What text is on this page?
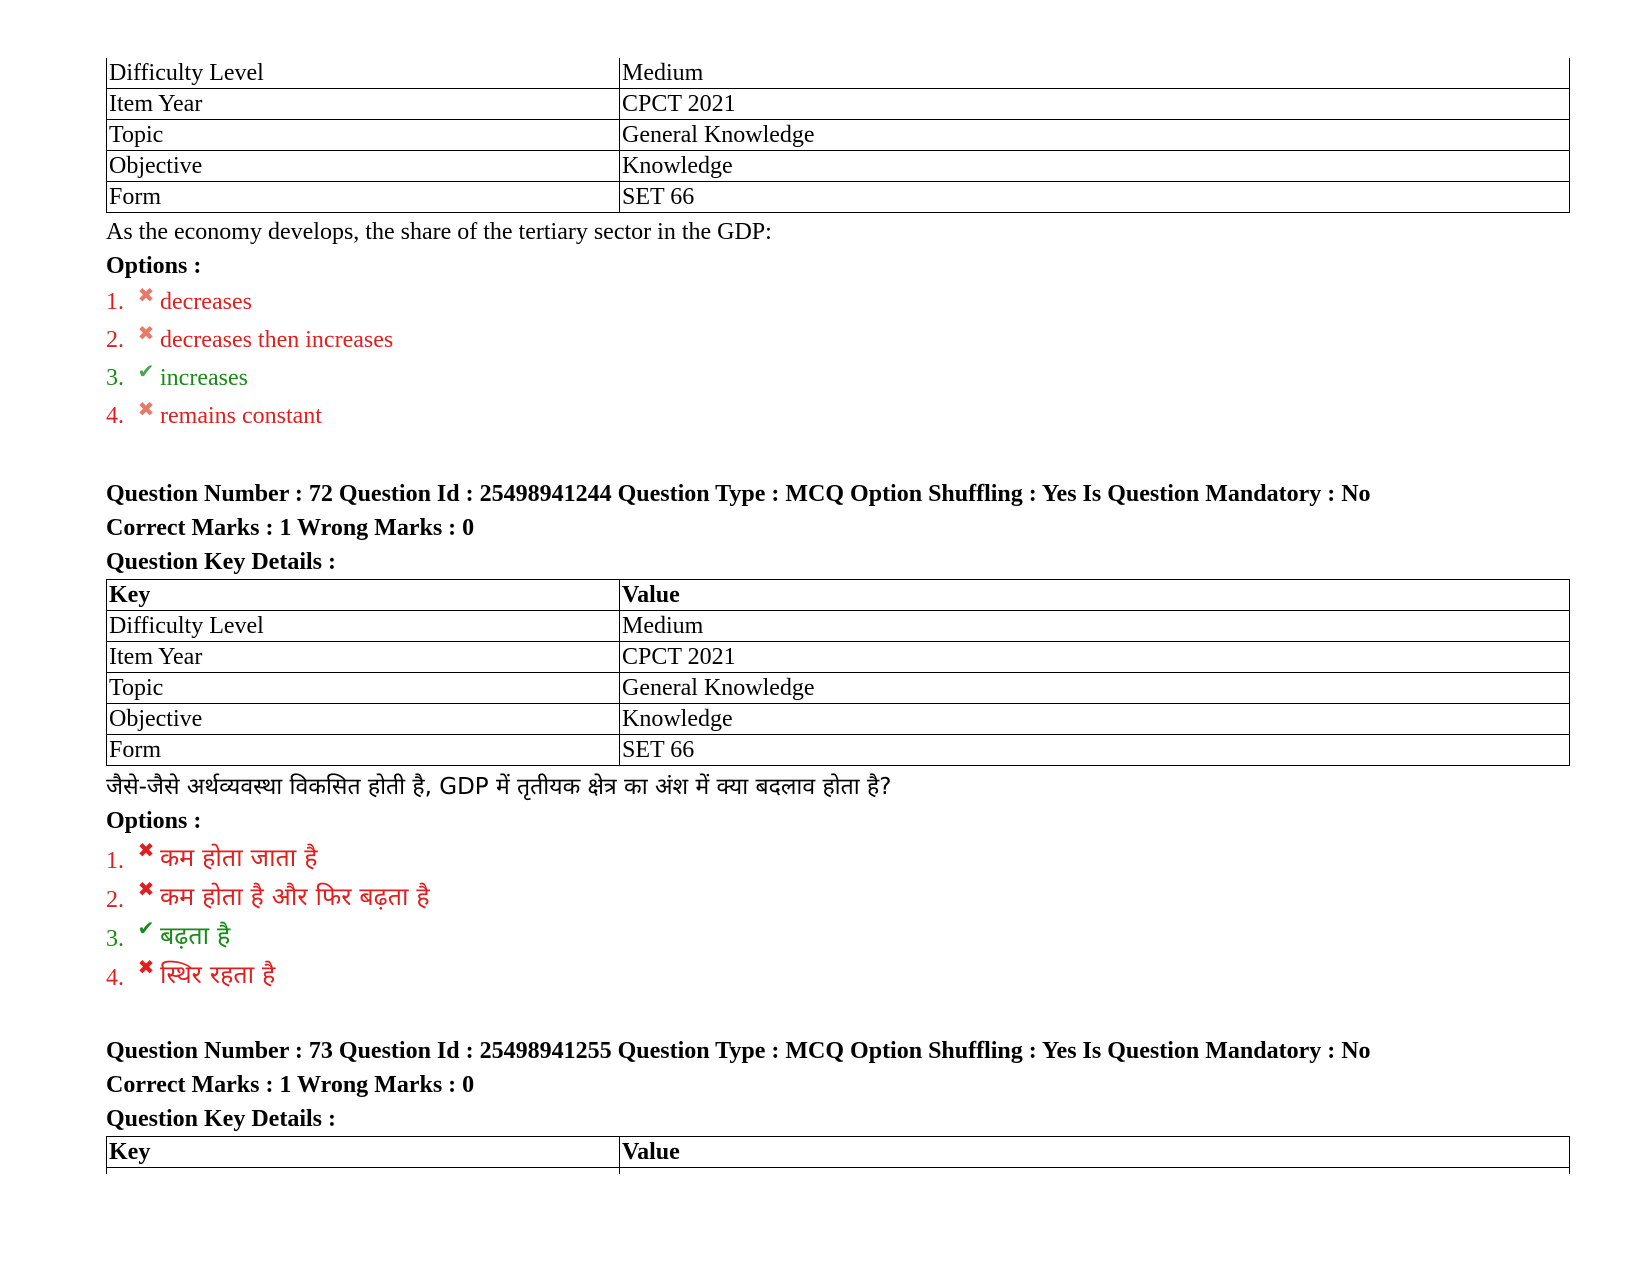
Difficulty Level	Medium
Item Year	CPCT 2021
Topic	General Knowledge
Objective	Knowledge
Form	SET 66
As the economy develops, the share of the tertiary sector in the GDP:
Options :
1. ✖ decreases
2. ✖ decreases then increases
3. ✔ increases
4. ✖ remains constant
Question Number : 72 Question Id : 25498941244 Question Type : MCQ Option Shuffling : Yes Is Question Mandatory : No
Correct Marks : 1 Wrong Marks : 0
Question Key Details :
Key	Value
Difficulty Level	Medium
Item Year	CPCT 2021
Topic	General Knowledge
Objective	Knowledge
Form	SET 66
जैसे-जैसे अर्थव्यवस्था विकसित होती है, GDP में तृतीयक क्षेत्र का अंश में क्या बदलाव होता है?
Options :
1. ✖ कम होता जाता है
2. ✖ कम होता है और फिर बढ़ता है
3. ✔ बढ़ता है
4. ✖ स्थिर रहता है
Question Number : 73 Question Id : 25498941255 Question Type : MCQ Option Shuffling : Yes Is Question Mandatory : No
Correct Marks : 1 Wrong Marks : 0
Question Key Details :
Key	Value
